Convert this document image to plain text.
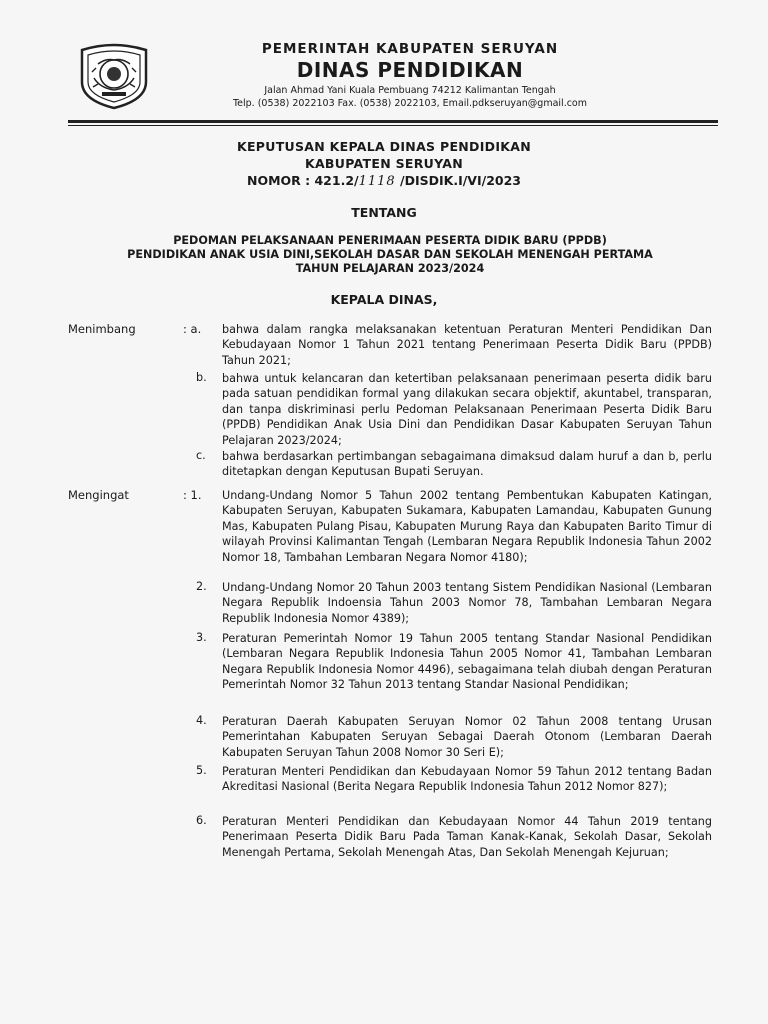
PEMERINTAH KABUPATEN SERUYAN
DINAS PENDIDIKAN
Jalan Ahmad Yani Kuala Pembuang 74212 Kalimantan Tengah
Telp. (0538) 2022103 Fax. (0538) 2022103, Email.pdkseruyan@gmail.com
KEPUTUSAN KEPALA DINAS PENDIDIKAN
KABUPATEN SERUYAN
NOMOR : 421.2/1118 /DISDIK.I/VI/2023
TENTANG
PEDOMAN PELAKSANAAN PENERIMAAN PESERTA DIDIK BARU (PPDB)
PENDIDIKAN ANAK USIA DINI,SEKOLAH DASAR DAN SEKOLAH MENENGAH PERTAMA
TAHUN PELAJARAN 2023/2024
KEPALA DINAS,
Menimbang	: a. bahwa dalam rangka melaksanakan ketentuan Peraturan Menteri Pendidikan Dan Kebudayaan Nomor 1 Tahun 2021 tentang Penerimaan Peserta Didik Baru (PPDB) Tahun 2021;
b. bahwa untuk kelancaran dan ketertiban pelaksanaan penerimaan peserta didik baru pada satuan pendidikan formal yang dilakukan secara objektif, akuntabel, transparan, dan tanpa diskriminasi perlu Pedoman Pelaksanaan Penerimaan Peserta Didik Baru (PPDB) Pendidikan Anak Usia Dini dan Pendidikan Dasar Kabupaten Seruyan Tahun Pelajaran 2023/2024;
c. bahwa berdasarkan pertimbangan sebagaimana dimaksud dalam huruf a dan b, perlu ditetapkan dengan Keputusan Bupati Seruyan.
Mengingat	: 1. Undang-Undang Nomor 5 Tahun 2002 tentang Pembentukan Kabupaten Katingan, Kabupaten Seruyan, Kabupaten Sukamara, Kabupaten Lamandau, Kabupaten Gunung Mas, Kabupaten Pulang Pisau, Kabupaten Murung Raya dan Kabupaten Barito Timur di wilayah Provinsi Kalimantan Tengah (Lembaran Negara Republik Indonesia Tahun 2002 Nomor 18, Tambahan Lembaran Negara Nomor 4180);
2. Undang-Undang Nomor 20 Tahun 2003 tentang Sistem Pendidikan Nasional (Lembaran Negara Republik Indoensia Tahun 2003 Nomor 78, Tambahan Lembaran Negara Republik Indonesia Nomor 4389);
3. Peraturan Pemerintah Nomor 19 Tahun 2005 tentang Standar Nasional Pendidikan (Lembaran Negara Republik Indonesia Tahun 2005 Nomor 41, Tambahan Lembaran Negara Republik Indonesia Nomor 4496), sebagaimana telah diubah dengan Peraturan Pemerintah Nomor 32 Tahun 2013 tentang Standar Nasional Pendidikan;
4. Peraturan Daerah Kabupaten Seruyan Nomor 02 Tahun 2008 tentang Urusan Pemerintahan Kabupaten Seruyan Sebagai Daerah Otonom (Lembaran Daerah Kabupaten Seruyan Tahun 2008 Nomor 30 Seri E);
5. Peraturan Menteri Pendidikan dan Kebudayaan Nomor 59 Tahun 2012 tentang Badan Akreditasi Nasional (Berita Negara Republik Indonesia Tahun 2012 Nomor 827);
6. Peraturan Menteri Pendidikan dan Kebudayaan Nomor 44 Tahun 2019 tentang Penerimaan Peserta Didik Baru Pada Taman Kanak-Kanak, Sekolah Dasar, Sekolah Menengah Pertama, Sekolah Menengah Atas, Dan Sekolah Menengah Kejuruan;
